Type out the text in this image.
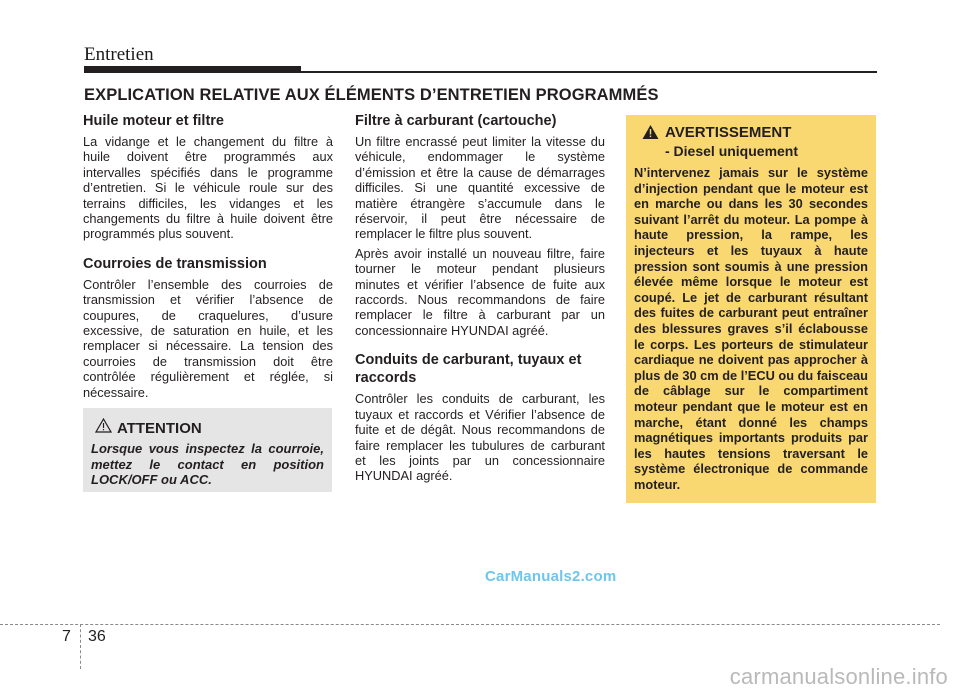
Entretien
EXPLICATION RELATIVE AUX ÉLÉMENTS D’ENTRETIEN PROGRAMMÉS
Huile moteur et filtre

La vidange et le changement du filtre à huile doivent être programmés aux intervalles spécifiés dans le programme d’entretien. Si le véhicule roule sur des terrains difficiles, les vidanges et les changements du filtre à huile doivent être programmés plus souvent.

Courroies de transmission

Contrôler l’ensemble des courroies de transmission et vérifier l’absence de coupures, de craquelures, d’usure excessive, de saturation en huile, et les remplacer si nécessaire. La tension des courroies de transmission doit être contrôlée régulièrement et réglée, si nécessaire.

ATTENTION
Lorsque vous inspectez la courroie, mettez le contact en position LOCK/OFF ou ACC.
Filtre à carburant (cartouche)

Un filtre encrassé peut limiter la vitesse du véhicule, endommager le système d’émission et être la cause de démarrages difficiles. Si une quantité excessive de matière étrangère s’accumule dans le réservoir, il peut être nécessaire de remplacer le filtre plus souvent.

Après avoir installé un nouveau filtre, faire tourner le moteur pendant plusieurs minutes et vérifier l’absence de fuite aux raccords. Nous recommandons de faire remplacer le filtre à carburant par un concessionnaire HYUNDAI agréé.

Conduits de carburant, tuyaux et raccords

Contrôler les conduits de carburant, les tuyaux et raccords et Vérifier l’absence de fuite et de dégât. Nous recommandons de faire remplacer les tubulures de carburant et les joints par un concessionnaire HYUNDAI agréé.

AVERTISSEMENT
- Diesel uniquement
N’intervenez jamais sur le système d’injection pendant que le moteur est en marche ou dans les 30 secondes suivant l’arrêt du moteur. La pompe à haute pression, la rampe, les injecteurs et les tuyaux à haute pression sont soumis à une pression élevée même lorsque le moteur est coupé. Le jet de carburant résultant des fuites de carburant peut entraîner des blessures graves s’il éclabousse le corps. Les porteurs de stimulateur cardiaque ne doivent pas approcher à plus de 30 cm de l’ECU ou du faisceau de câblage sur le compartiment moteur pendant que le moteur est en marche, étant donné les champs magnétiques importants produits par les hautes tensions traversant le système électronique de commande moteur.
CarManuals2.com
7 36
carmanualsonline.info
